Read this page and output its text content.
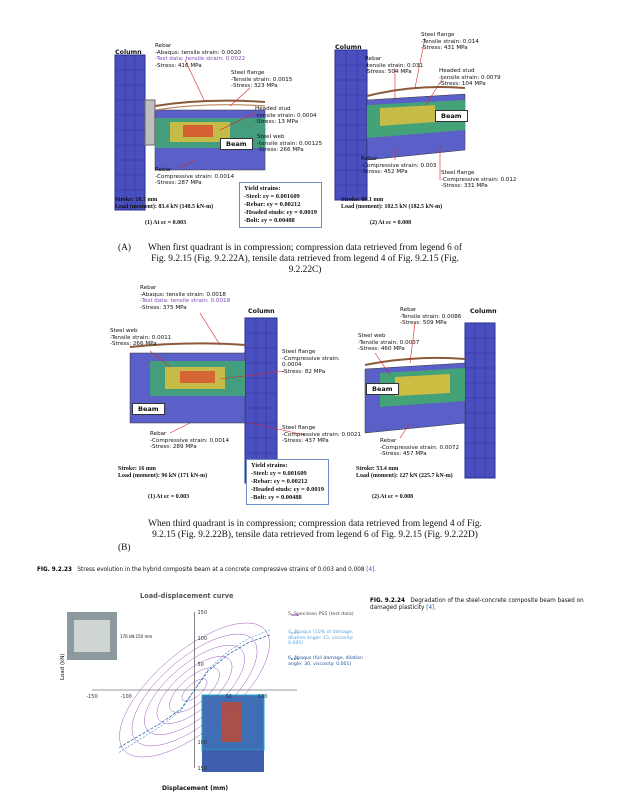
Column
Column
Beam
Beam
Rebar
-Abaqus: tensile strain: 0.0020
-Test data: tensile strain: 0.0022
-Stress: 416 MPa
Steel flange
-Tensile strain: 0.0015
-Stress: 323 MPa
Headed stud
-tensile strain: 0.0004
-Stress: 13 MPa
Steel web
-tensile strain: 0.00125
-Stress: 266 MPa
Rebar
-Compressive strain: 0.0014
-Stress: 287 MPa
Stroke: 18.7 mm
Load (moment): 83.4 kN (148.5 kN-m)
(1) At εc = 0.003
Yield strains:
-Steel: εy = 0.001609
-Rebar: εy = 0.00212
-Headed studs: εy = 0.0019
-Bolt: εy = 0.00488
Rebar
-tensile strain: 0.031
-Stress: 504 MPa
Steel flange
-Tensile strain: 0.014
-Stress: 431 MPa
Headed stud
-tensile strain: 0.0079
-Stress: 104 MPa
Rebar
-Compressive strain: 0.003
-Stress: 452 MPa	Steel flange
-Compressive strain: 0.012
-Stress: 331 MPa
Stroke: 89.1 mm
Load (moment): 102.5 kN (182.5 kN-m)
(2) At εc = 0.008
(A)	When first quadrant is in compression; compression data retrieved from legend 6 of Fig. 9.2.15 (Fig. 9.2.22A), tensile data retrieved from legend 4 of Fig. 9.2.15 (Fig. 9.2.22C)
Column	Column
Beam
Beam
Rebar
-Abaqus: tensile strain: 0.0018
-Test data: tensile strain: 0.0018
-Stress: 375 MPa
Steel web
-Tensile strain: 0.0011
-Stress: 266 MPa
Steel flange
-Compressive strain:
0.0004
-Stress: 82 MPa
Rebar
-Compressive strain: 0.0014
-Stress: 289 MPa
Stroke: 16 mm
Load (moment): 96 kN (171 kN-m)
(1) At εc = 0.003
Yield strains:
-Steel: εy = 0.001609
-Rebar: εy = 0.00212
-Headed studs: εy = 0.0019
-Bolt: εy = 0.00488
Rebar
-Tensile strain: 0.0086
-Stress: 509 MPa
Steel web
-Tensile strain: 0.0037
-Stress: 460 MPa
Steel flange
-Compressive strain: 0.0021
-Stress: 437 MPa	Rebar
-Compressive strain: 0.0072
-Stress: 457 MPa
Stroke: 53.4 mm
Load (moment): 127 kN (225.7 kN-m)
(2) At εc = 0.008
(B)
When third quadrant is in compression; compression data retrieved from legend 4 of Fig. 9.2.15 (Fig. 9.2.22B), tensile data retrieved from legend 6 of Fig. 9.2.15 (Fig. 9.2.22D)
FIG. 9.2.23 Stress evolution in the hybrid composite beam at a concrete compressive strains of 0.003 and 0.008 [4].
Load-displacement curve
-150	-100	50	100
150
100
50
100
150
Load (kN)
Displacement (mm)
176 kN:150 mm
5. Specimen PS5 (test data)
4. Abaqus (10% of damage,
dilation angle: 15, viscosity:
0.005)
6. Abaqus (full damage, dilation
angle: 30, viscosity: 0.001)
FIG. 9.2.24 Degradation of the steel-concrete composite beam based on damaged plasticity [4].
